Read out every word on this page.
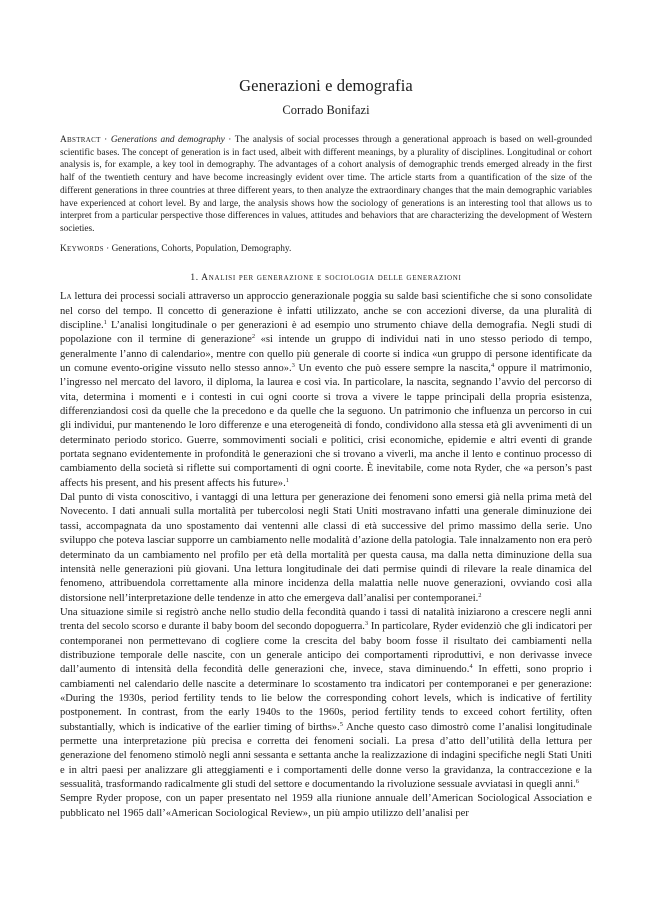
Generazioni e demografia
Corrado Bonifazi
Abstract · Generations and demography · The analysis of social processes through a generational approach is based on well-grounded scientific bases. The concept of generation is in fact used, albeit with different meanings, by a plurality of disciplines. Longitudinal or cohort analysis is, for example, a key tool in demography. The advantages of a cohort analysis of demographic trends emerged already in the first half of the twentieth century and have become increasingly evident over time. The article starts from a quantification of the size of the different generations in three countries at three different years, to then analyze the extraordinary changes that the main demographic variables have experienced at cohort level. By and large, the analysis shows how the sociology of generations is an interesting tool that allows us to interpret from a particular perspective those differences in values, attitudes and behaviors that are characterizing the development of Western societies.
Keywords · Generations, Cohorts, Population, Demography.
1. Analisi per generazione e sociologia delle generazioni

La lettura dei processi sociali attraverso un approccio generazionale poggia su salde basi scientifiche che si sono consolidate nel corso del tempo. Il concetto di generazione è infatti utilizzato, anche se con accezioni diverse, da una pluralità di discipline.$^1$ L’analisi longitudinale o per generazioni è ad esempio uno strumento chiave della demografia. Negli studi di popolazione con il termine di generazione$^2$ «si intende un gruppo di individui nati in uno stesso periodo di tempo, generalmente l’anno di calendario», mentre con quello più generale di coorte si indica «un gruppo di persone identificate da un comune evento-origine vissuto nello stesso anno».$^3$ Un evento che può essere sempre la nascita,$^4$ oppure il matrimonio, l’ingresso nel mercato del lavoro, il diploma, la laurea e così via. In particolare, la nascita, segnando l’avvio del percorso di vita, determina i momenti e i contesti in cui ogni coorte si trova a vivere le tappe principali della propria esistenza, differenziandosi così da quelle che la precedono e da quelle che la seguono. Un patrimonio che influenza un percorso in cui gli individui, pur mantenendo le loro differenze e una eterogeneità di fondo, condividono alla stessa età gli avvenimenti di un determinato periodo storico. Guerre, sommovimenti sociali e politici, crisi economiche, epidemie e altri eventi di grande portata segnano evidentemente in profondità le generazioni che si trovano a viverli, ma anche il lento e continuo processo di cambiamento della società si riflette sui comportamenti di ogni coorte. È inevitabile, come nota Ryder, che «a person’s past affects his present, and his present affects his future».$^1$

Dal punto di vista conoscitivo, i vantaggi di una lettura per generazione dei fenomeni sono emersi già nella prima metà del Novecento. I dati annuali sulla mortalità per tubercolosi negli Stati Uniti mostravano infatti una generale diminuzione dei tassi, accompagnata da uno spostamento dai ventenni alle classi di età successive del primo massimo della serie. Uno sviluppo che poteva lasciar supporre un cambiamento nelle modalità d’azione della patologia. Tale innalzamento non era però determinato da un cambiamento nel profilo per età della mortalità per questa causa, ma dalla netta diminuzione della sua intensità nelle generazioni più giovani. Una lettura longitudinale dei dati permise quindi di rilevare la reale dinamica del fenomeno, attribuendola correttamente alla minore incidenza della malattia nelle nuove generazioni, ovviando così alla distorsione nell’interpretazione delle tendenze in atto che emergeva dall’analisi per contemporanei.$^2$

Una situazione simile si registrò anche nello studio della fecondità quando i tassi di natalità iniziarono a crescere negli anni trenta del secolo scorso e durante il baby boom del secondo dopoguerra.$^3$ In particolare, Ryder evidenziò che gli indicatori per contemporanei non permettevano di cogliere come la crescita del baby boom fosse il risultato dei cambiamenti nella distribuzione temporale delle nascite, con un generale anticipo dei comportamenti riproduttivi, e non derivasse invece dall’aumento di intensità della fecondità delle generazioni che, invece, stava diminuendo.$^4$ In effetti, sono proprio i cambiamenti nel calendario delle nascite a determinare lo scostamento tra indicatori per contemporanei e per generazione: «During the 1930s, period fertility tends to lie below the corresponding cohort levels, which is indicative of fertility postponement. In contrast, from the early 1940s to the 1960s, period fertility tends to exceed cohort fertility, often substantially, which is indicative of the earlier timing of births».$^5$ Anche questo caso dimostrò come l’analisi longitudinale permette una interpretazione più precisa e corretta dei fenomeni sociali. La presa d’atto dell’utilità della lettura per generazione del fenomeno stimolò negli anni sessanta e settanta anche la realizzazione di indagini specifiche negli Stati Uniti e in altri paesi per analizzare gli atteggiamenti e i comportamenti delle donne verso la gravidanza, la contraccezione e la sessualità, trasformando radicalmente gli studi del settore e documentando la rivoluzione sessuale avviatasi in quegli anni.$^6$

Sempre Ryder propose, con un paper presentato nel 1959 alla riunione annuale dell’American Sociological Association e pubblicato nel 1965 dall’«American Sociological Review», un più ampio utilizzo dell’analisi per
